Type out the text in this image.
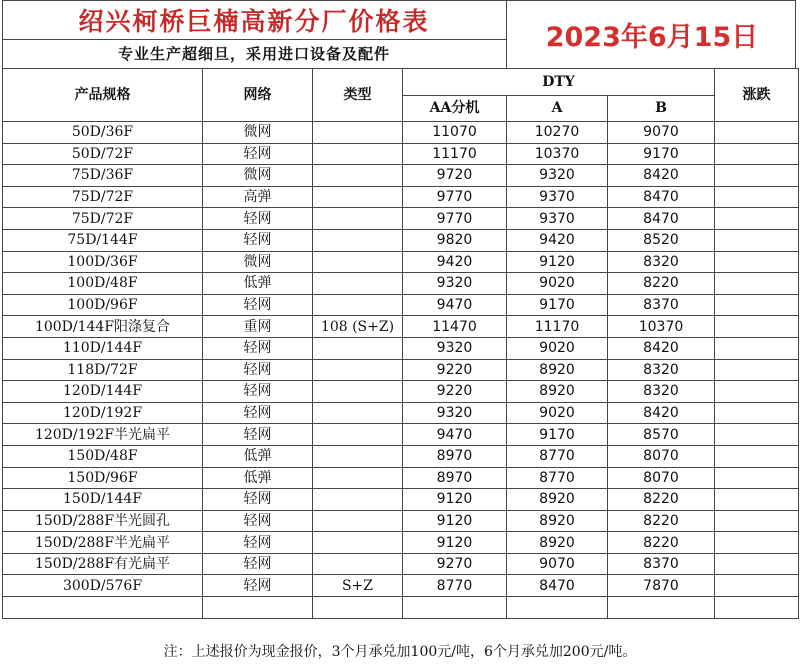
绍兴柯桥巨楠高新分厂价格表
专业生产超细旦，采用进口设备及配件
2023年6月15日
产品规格	网络	类型	DTY			涨跌
			AA分机	A	B	
50D/36F	微网		11070	10270	9070	
50D/72F	轻网		11170	10370	9170	
75D/36F	微网		9720	9320	8420	
75D/72F	高弹		9770	9370	8470	
75D/72F	轻网		9770	9370	8470	
75D/144F	轻网		9820	9420	8520	
100D/36F	微网		9420	9120	8320	
100D/48F	低弹		9320	9020	8220	
100D/96F	轻网		9470	9170	8370	
100D/144F阳涤复合	重网	108 (S+Z)	11470	11170	10370	
110D/144F	轻网		9320	9020	8420	
118D/72F	轻网		9220	8920	8320	
120D/144F	轻网		9220	8920	8320	
120D/192F	轻网		9320	9020	8420	
120D/192F半光扁平	轻网		9470	9170	8570	
150D/48F	低弹		8970	8770	8070	
150D/96F	低弹		8970	8770	8070	
150D/144F	轻网		9120	8920	8220	
150D/288F半光圆孔	轻网		9120	8920	8220	
150D/288F半光扁平	轻网		9120	8920	8220	
150D/288F有光扁平	轻网		9270	9070	8370	
300D/576F	轻网	S+Z	8770	8470	7870	

注：上述报价为现金报价，3个月承兑加100元/吨，6个月承兑加200元/吨。
